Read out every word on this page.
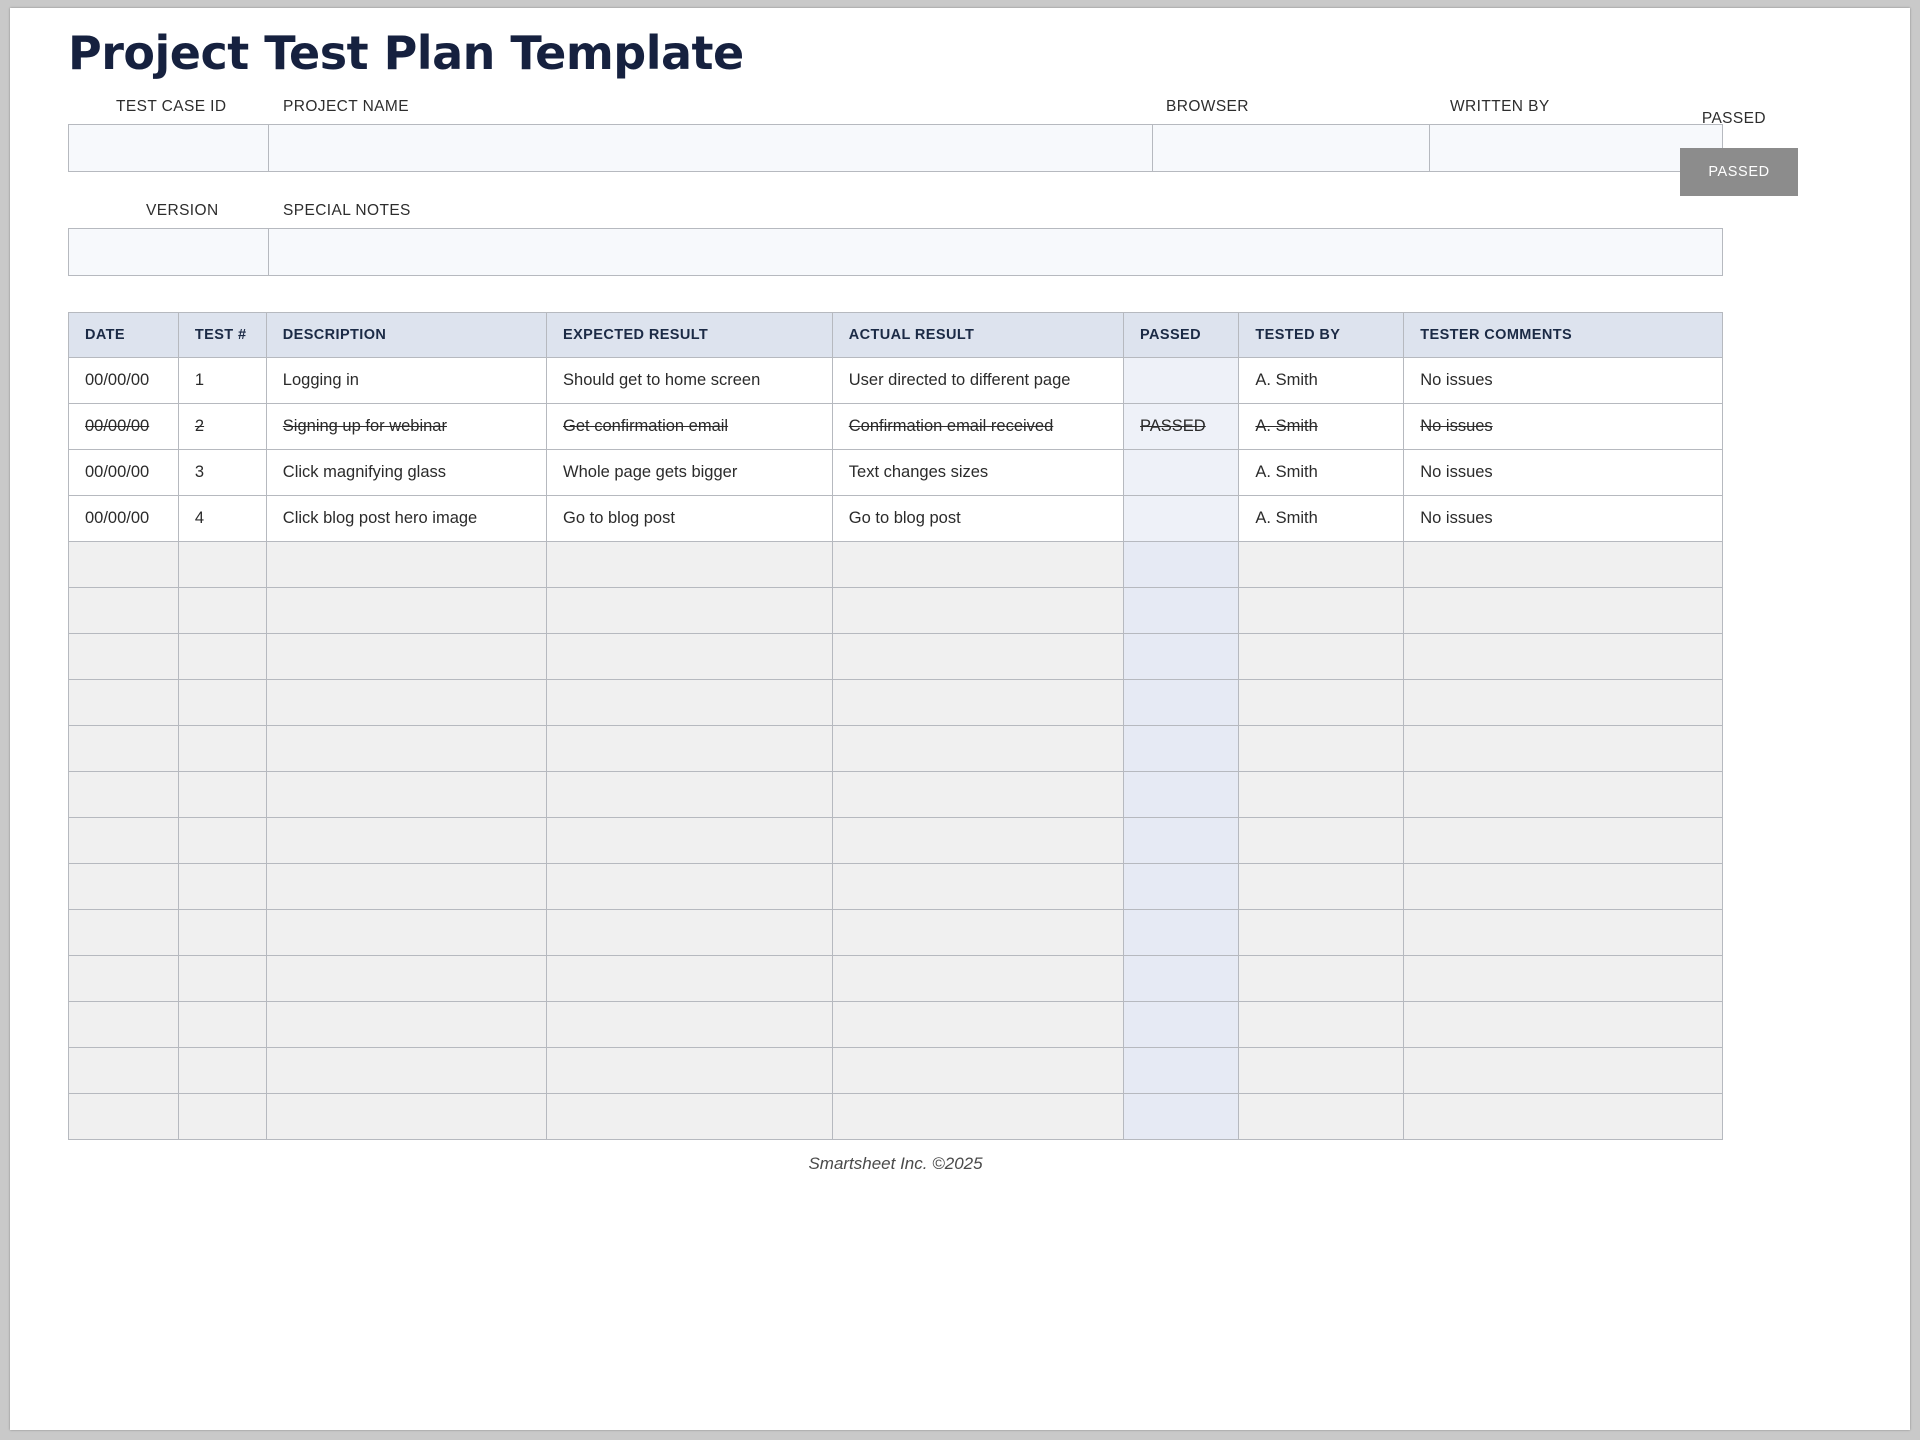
Project Test Plan Template
TEST CASE ID	PROJECT NAME	BROWSER	WRITTEN BY
PASSED
PASSED
VERSION	SPECIAL NOTES
DATE	TEST #	DESCRIPTION	EXPECTED RESULT	ACTUAL RESULT	PASSED	TESTED BY	TESTER COMMENTS
00/00/00	1	Logging in	Should get to home screen	User directed to different page		A. Smith	No issues
00/00/00	2	Signing up for webinar	Get confirmation email	Confirmation email received	PASSED	A. Smith	No issues
00/00/00	3	Click magnifying glass	Whole page gets bigger	Text changes sizes		A. Smith	No issues
00/00/00	4	Click blog post hero image	Go to blog post	Go to blog post		A. Smith	No issues

Smartsheet Inc. ©2025
